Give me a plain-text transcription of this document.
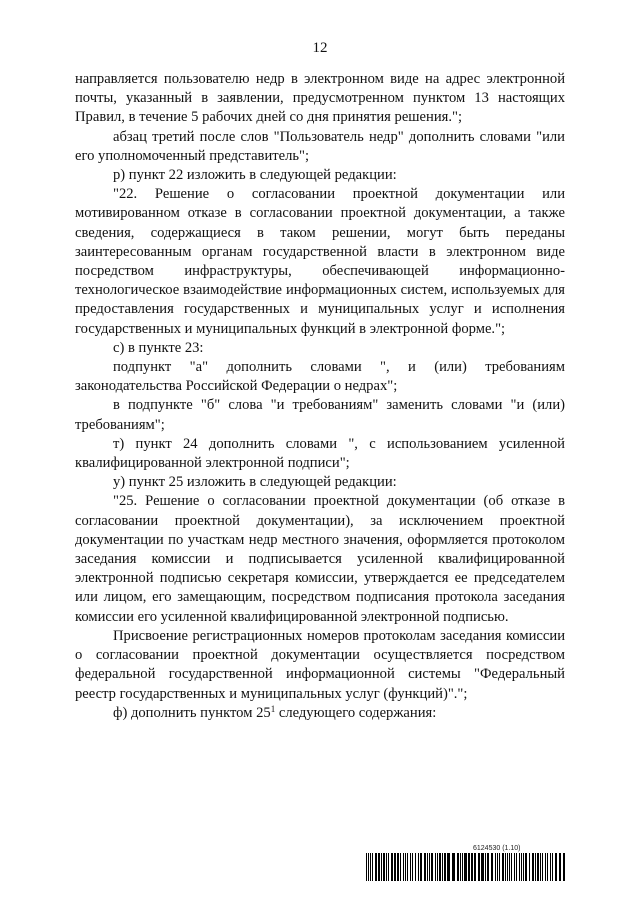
12

направляется пользователю недр в электронном виде на адрес электронной почты, указанный в заявлении, предусмотренном пунктом 13 настоящих Правил, в течение 5 рабочих дней со дня принятия решения.";

абзац третий после слов "Пользователь недр" дополнить словами "или его уполномоченный представитель";

р) пункт 22 изложить в следующей редакции:

"22. Решение о согласовании проектной документации или мотивированном отказе в согласовании проектной документации, а также сведения, содержащиеся в таком решении, могут быть переданы заинтересованным органам государственной власти в электронном виде посредством инфраструктуры, обеспечивающей информационно-технологическое взаимодействие информационных систем, используемых для предоставления государственных и муниципальных услуг и исполнения государственных и муниципальных функций в электронной форме.";

с) в пункте 23:

подпункт "а" дополнить словами ", и (или) требованиям законодательства Российской Федерации о недрах";

в подпункте "б" слова "и требованиям" заменить словами "и (или) требованиям";

т) пункт 24 дополнить словами ", с использованием усиленной квалифицированной электронной подписи";

у) пункт 25 изложить в следующей редакции:

"25. Решение о согласовании проектной документации (об отказе в согласовании проектной документации), за исключением проектной документации по участкам недр местного значения, оформляется протоколом заседания комиссии и подписывается усиленной квалифицированной электронной подписью секретаря комиссии, утверждается ее председателем или лицом, его замещающим, посредством подписания протокола заседания комиссии его усиленной квалифицированной электронной подписью.

Присвоение регистрационных номеров протоколам заседания комиссии о согласовании проектной документации осуществляется посредством федеральной государственной информационной системы "Федеральный реестр государственных и муниципальных услуг (функций)".";

ф) дополнить пунктом $25^1$ следующего содержания:

6124530 (1.10)
